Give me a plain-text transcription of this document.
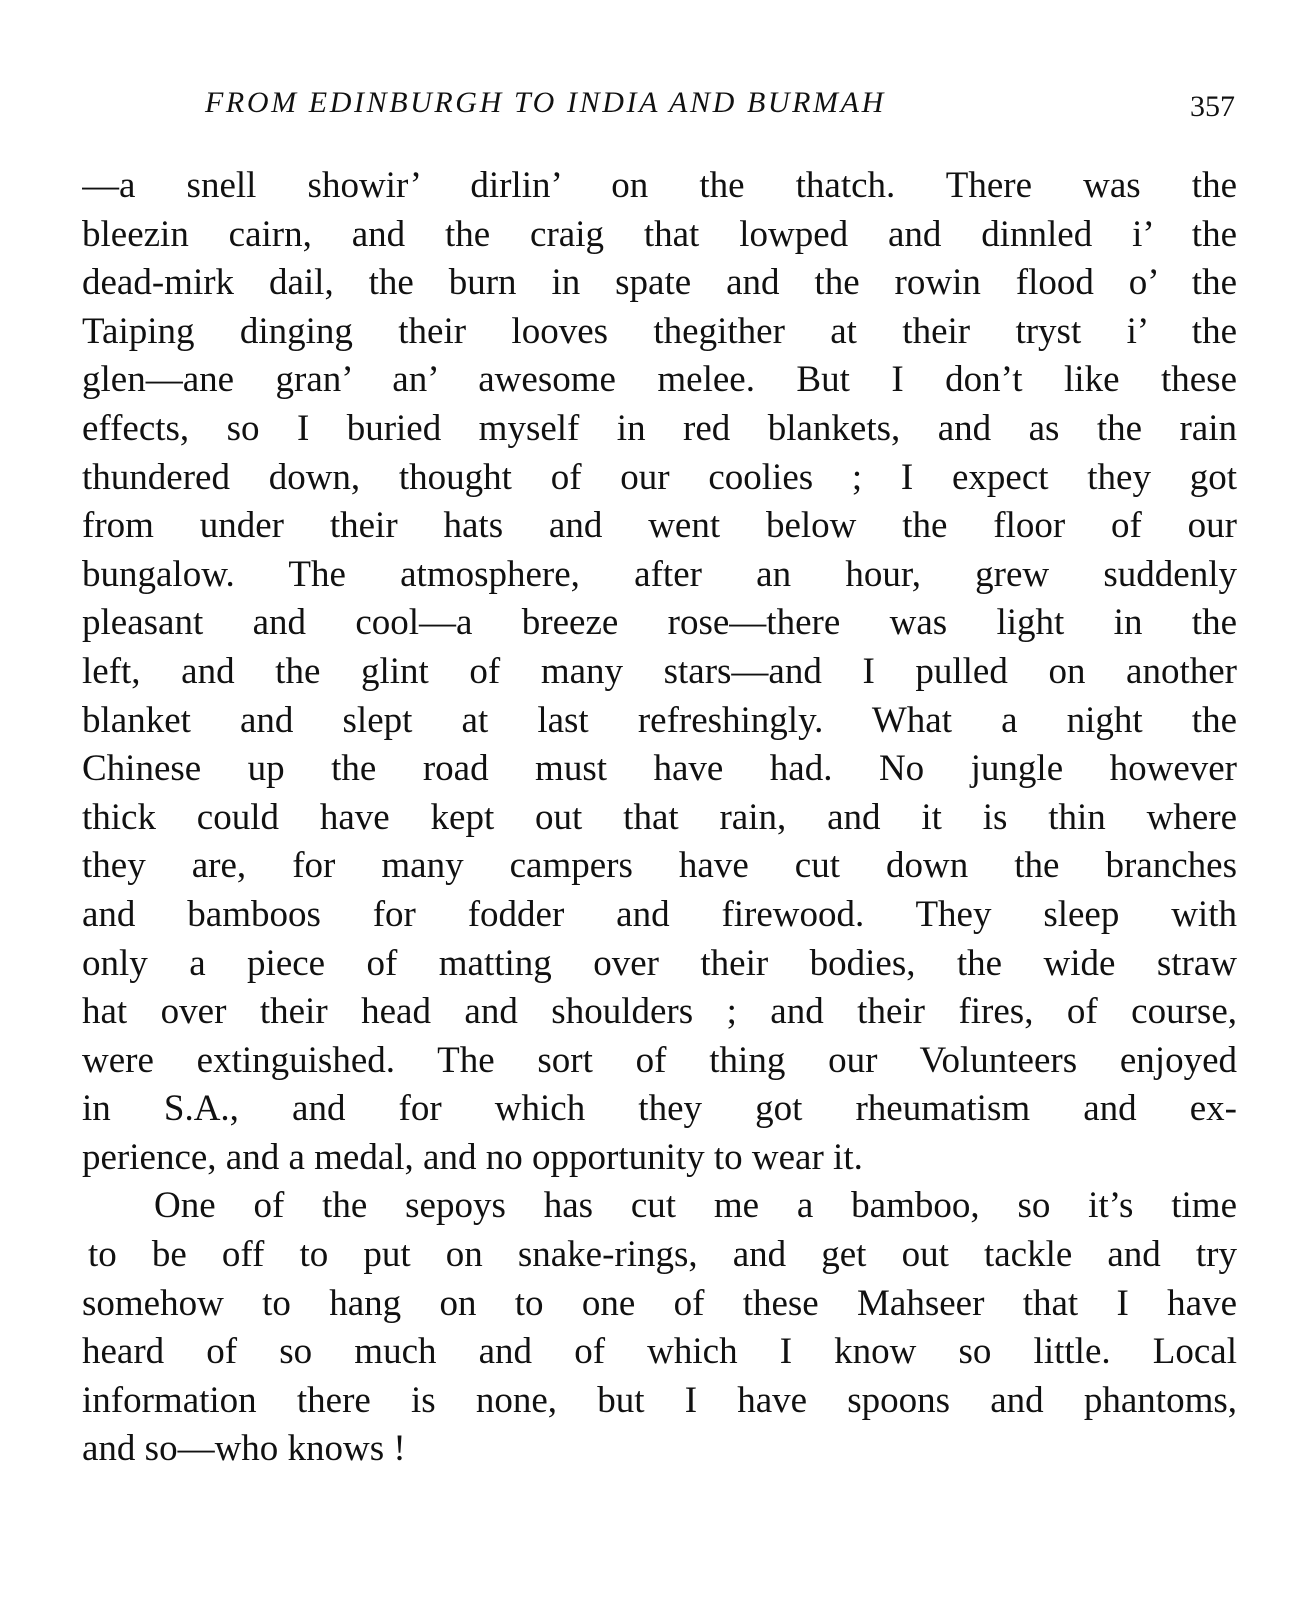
FROM EDINBURGH TO INDIA AND BURMAH	357
—a snell showir’ dirlin’ on the thatch. There was the
bleezin cairn, and the craig that lowped and dinnled i’ the
dead-mirk dail, the burn in spate and the rowin flood o’ the
Taiping dinging their looves thegither at their tryst i’ the
glen—ane gran’ an’ awesome melee. But I don’t like these
effects, so I buried myself in red blankets, and as the rain
thundered down, thought of our coolies ; I expect they got
from under their hats and went below the floor of our
bungalow. The atmosphere, after an hour, grew suddenly
pleasant and cool—a breeze rose—there was light in the
left, and the glint of many stars—and I pulled on another
blanket and slept at last refreshingly. What a night the
Chinese up the road must have had. No jungle however
thick could have kept out that rain, and it is thin where
they are, for many campers have cut down the branches
and bamboos for fodder and firewood. They sleep with
only a piece of matting over their bodies, the wide straw
hat over their head and shoulders ; and their fires, of course,
were extinguished. The sort of thing our Volunteers enjoyed
in S.A., and for which they got rheumatism and ex-
perience, and a medal, and no opportunity to wear it.
One of the sepoys has cut me a bamboo, so it’s time
to be off to put on snake-rings, and get out tackle and try
somehow to hang on to one of these Mahseer that I have
heard of so much and of which I know so little. Local
information there is none, but I have spoons and phantoms,
and so—who knows !
